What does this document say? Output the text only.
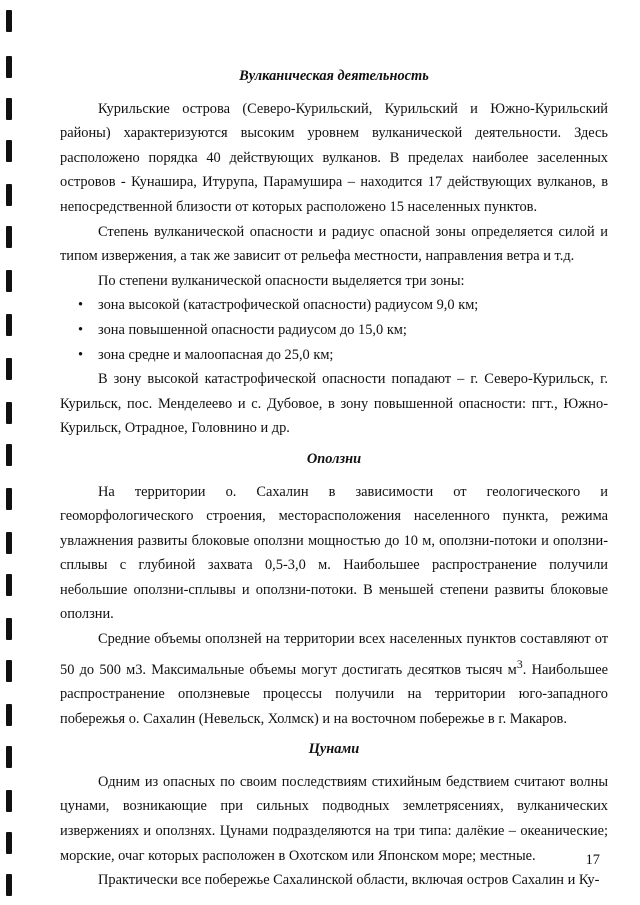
Вулканическая деятельность

Курильские острова (Северо-Курильский, Курильский и Южно-Курильский районы) характеризуются высоким уровнем вулканической деятельности. Здесь расположено порядка 40 действующих вулканов. В пределах наиболее заселенных островов - Кунашира, Итурупа, Парамушира – находится 17 действующих вулканов, в непосредственной близости от которых расположено 15 населенных пунктов.

Степень вулканической опасности и радиус опасной зоны определяется силой и типом извержения, а так же зависит от рельефа местности, направления ветра и т.д.

По степени вулканической опасности выделяется три зоны:

• зона высокой (катастрофической опасности) радиусом 9,0 км;
• зона повышенной опасности радиусом до 15,0 км;
• зона средне и малоопасная до 25,0 км;

В зону высокой катастрофической опасности попадают – г. Северо-Курильск, г. Курильск, пос. Менделеево и с. Дубовое, в зону повышенной опасности: пгт., Южно-Курильск, Отрадное, Головнино и др.

Оползни

На территории о. Сахалин в зависимости от геологического и геоморфологического строения, месторасположения населенного пункта, режима увлажнения развиты блоковые оползни мощностью до 10 м, оползни-потоки и оползни-сплывы с глубиной захвата 0,5-3,0 м. Наибольшее распространение получили небольшие оползни-сплывы и оползни-потоки. В меньшей степени развиты блоковые оползни.

Средние объемы оползней на территории всех населенных пунктов составляют от 50 до 500 м3. Максимальные объемы могут достигать десятков тысяч $м^3$. Наибольшее распространение оползневые процессы получили на территории юго-западного побережья о. Сахалин (Невельск, Холмск) и на восточном побережье в г. Макаров.

Цунами

Одним из опасных по своим последствиям стихийным бедствием считают волны цунами, возникающие при сильных подводных землетрясениях, вулканических извержениях и оползнях. Цунами подразделяются на три типа: далёкие – океанические; морские, очаг которых расположен в Охотском или Японском море; местные.

Практически все побережье Сахалинской области, включая остров Сахалин и Ку-

17
